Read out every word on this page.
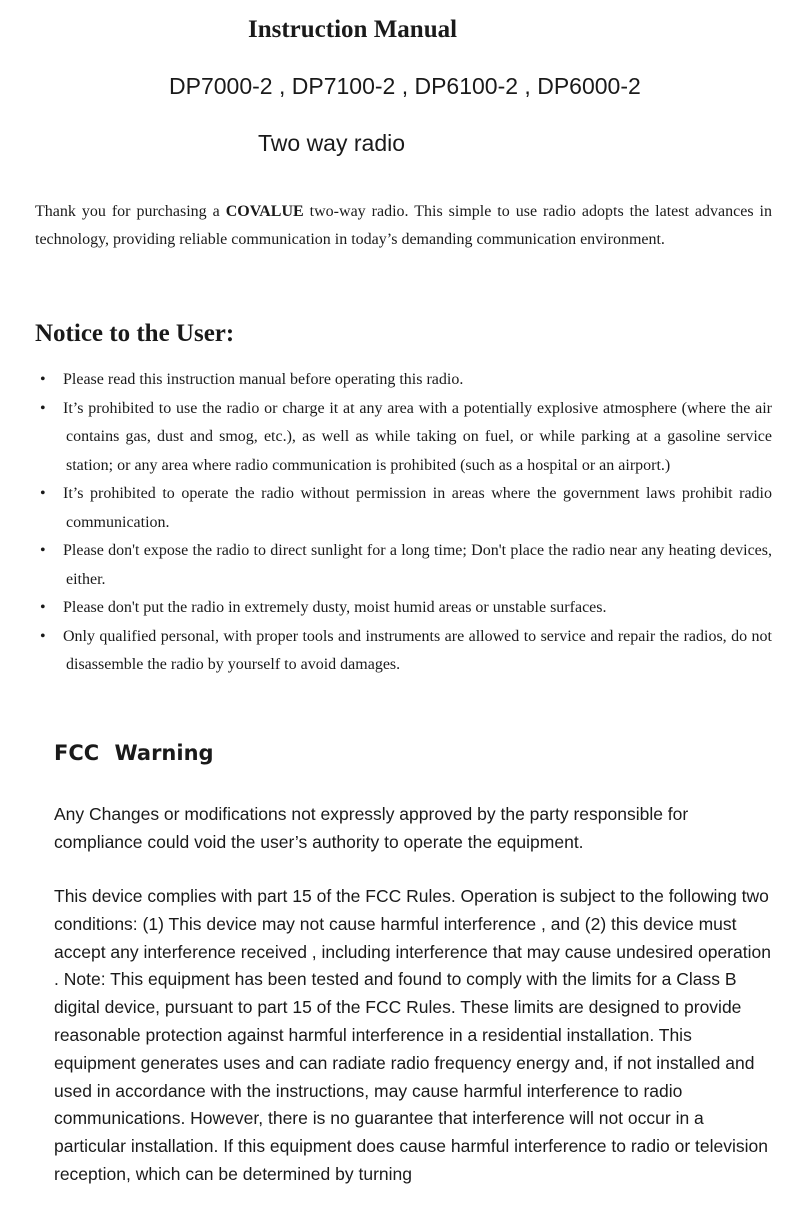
Instruction Manual
DP7000-2 , DP7100-2 , DP6100-2 , DP6000-2
Two way radio

Thank you for purchasing a COVALUE two-way radio. This simple to use radio adopts the latest advances in technology, providing reliable communication in today’s demanding communication environment.

Notice to the User:
• Please read this instruction manual before operating this radio.
• It’s prohibited to use the radio or charge it at any area with a potentially explosive atmosphere (where the air contains gas, dust and smog, etc.), as well as while taking on fuel, or while parking at a gasoline service station; or any area where radio communication is prohibited (such as a hospital or an airport.)
• It’s prohibited to operate the radio without permission in areas where the government laws prohibit radio communication.
• Please don't expose the radio to direct sunlight for a long time; Don't place the radio near any heating devices, either.
• Please don't put the radio in extremely dusty, moist humid areas or unstable surfaces.
• Only qualified personal, with proper tools and instruments are allowed to service and repair the radios, do not disassemble the radio by yourself to avoid damages.
FCC Warning

Any Changes or modifications not expressly approved by the party responsible for compliance could void the user’s authority to operate the equipment.

This device complies with part 15 of the FCC Rules. Operation is subject to the following two conditions: (1) This device may not cause harmful interference , and (2) this device must accept any interference received , including interference that may cause undesired operation . Note: This equipment has been tested and found to comply with the limits for a Class B digital device, pursuant to part 15 of the FCC Rules. These limits are designed to provide reasonable protection against harmful interference in a residential installation. This equipment generates uses and can radiate radio frequency energy and, if not installed and used in accordance with the instructions, may cause harmful interference to radio communications. However, there is no guarantee that interference will not occur in a particular installation. If this equipment does cause harmful interference to radio or television reception, which can be determined by turning
